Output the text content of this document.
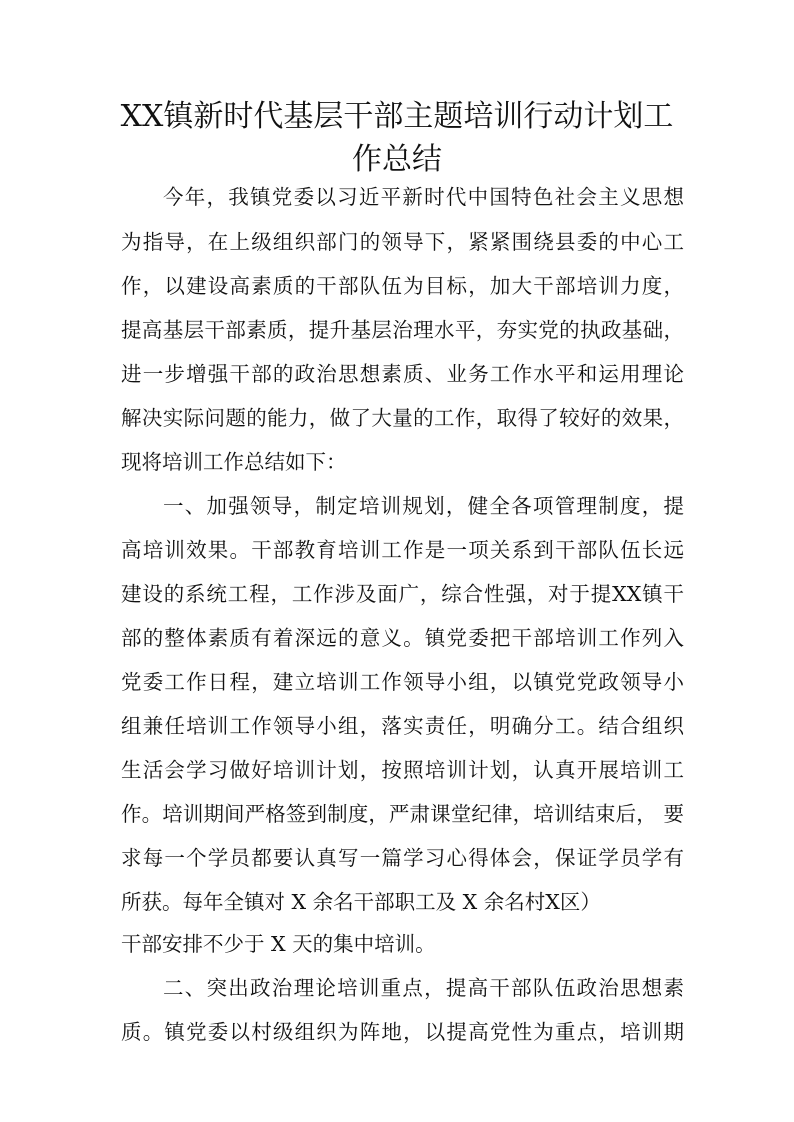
XX镇新时代基层干部主题培训行动计划工
作总结
今年，我镇党委以习近平新时代中国特色社会主义思想
为指导，在上级组织部门的领导下，紧紧围绕县委的中心工
作，以建设高素质的干部队伍为目标，加大干部培训力度，
提高基层干部素质，提升基层治理水平，夯实党的执政基础，
进一步增强干部的政治思想素质、业务工作水平和运用理论
解决实际问题的能力，做了大量的工作，取得了较好的效果，
现将培训工作总结如下：
一、加强领导，制定培训规划，健全各项管理制度，提
高培训效果。干部教育培训工作是一项关系到干部队伍长远
建设的系统工程，工作涉及面广，综合性强，对于提XX镇干
部的整体素质有着深远的意义。镇党委把干部培训工作列入
党委工作日程，建立培训工作领导小组，以镇党党政领导小
组兼任培训工作领导小组，落实责任，明确分工。结合组织
生活会学习做好培训计划，按照培训计划，认真开展培训工
作。培训期间严格签到制度，严肃课堂纪律，培训结束后， 要
求每一个学员都要认真写一篇学习心得体会，保证学员学有
所获。每年全镇对 X 余名干部职工及 X 余名村X区）
干部安排不少于 X 天的集中培训。
二、突出政治理论培训重点，提高干部队伍政治思想素
质。镇党委以村级组织为阵地，以提高党性为重点，培训期
